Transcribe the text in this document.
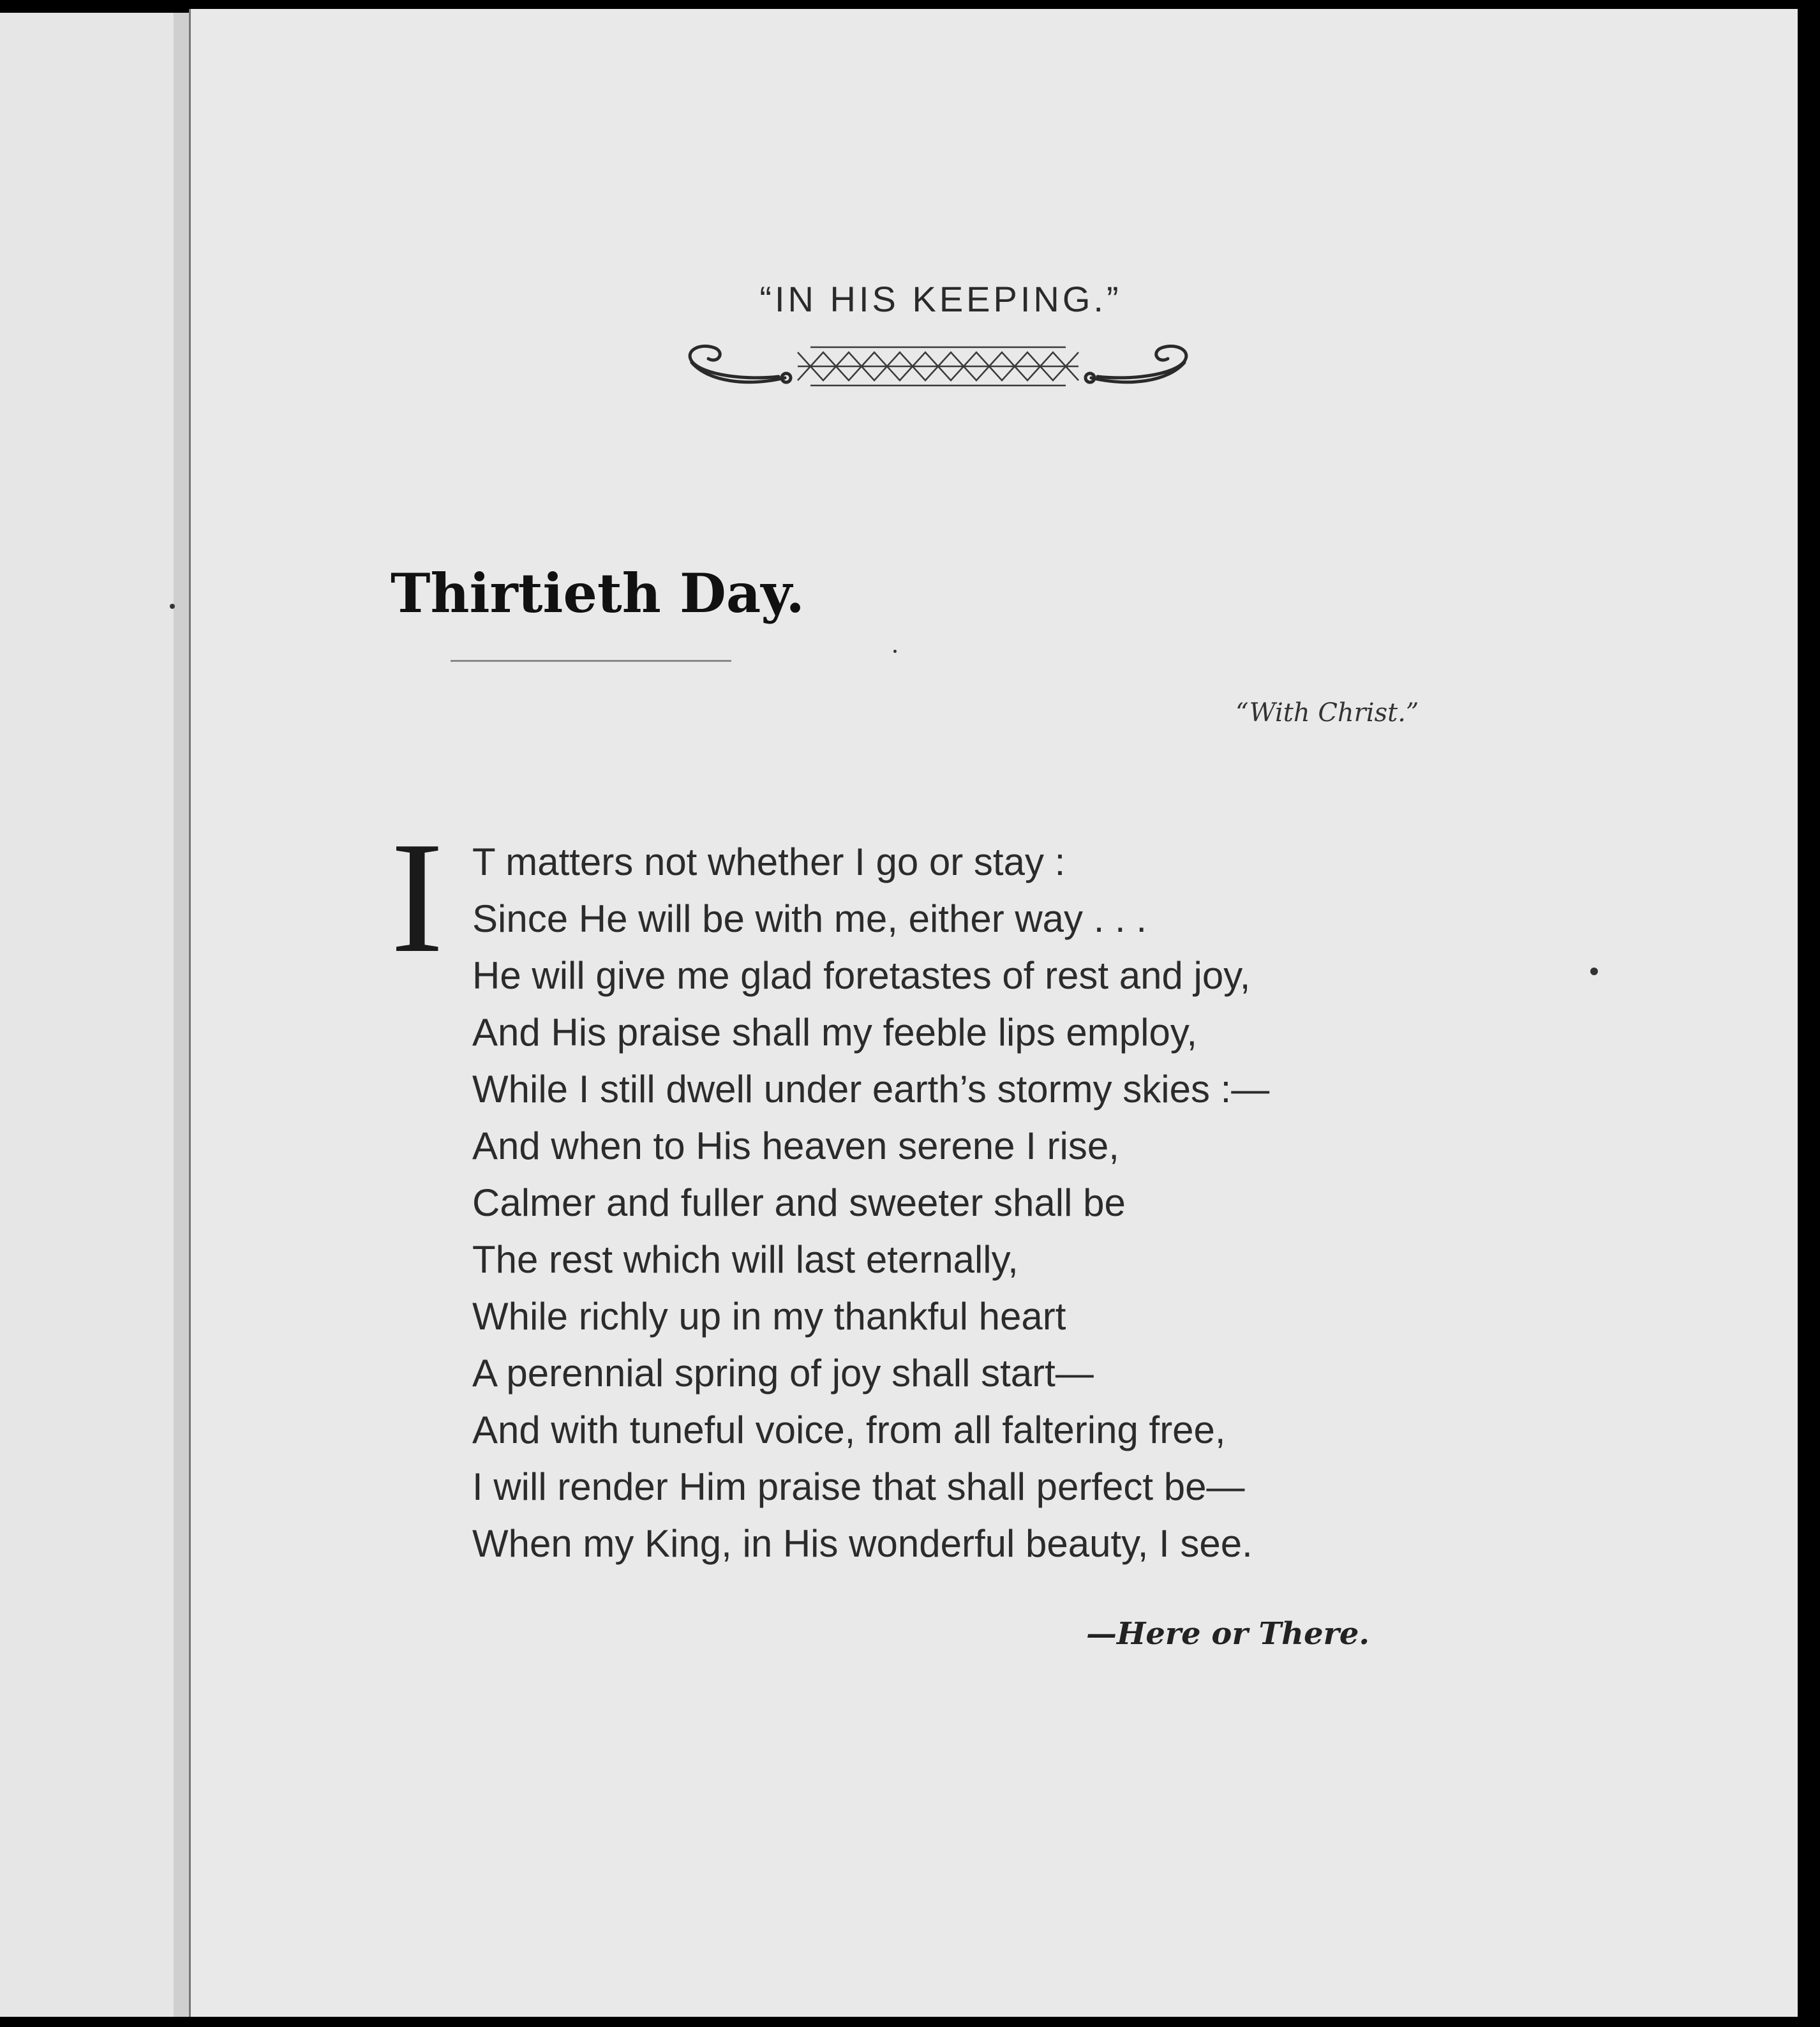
“IN HIS KEEPING.”
Thirtieth Day.
“With Christ.”
I T matters not whether I go or stay :
Since He will be with me, either way . . .
He will give me glad foretastes of rest and joy,
And His praise shall my feeble lips employ,
While I still dwell under earth’s stormy skies :—
And when to His heaven serene I rise,
Calmer and fuller and sweeter shall be
The rest which will last eternally,
While richly up in my thankful heart
A perennial spring of joy shall start—
And with tuneful voice, from all faltering free,
I will render Him praise that shall perfect be—
When my King, in His wonderful beauty, I see.
—Here or There.
